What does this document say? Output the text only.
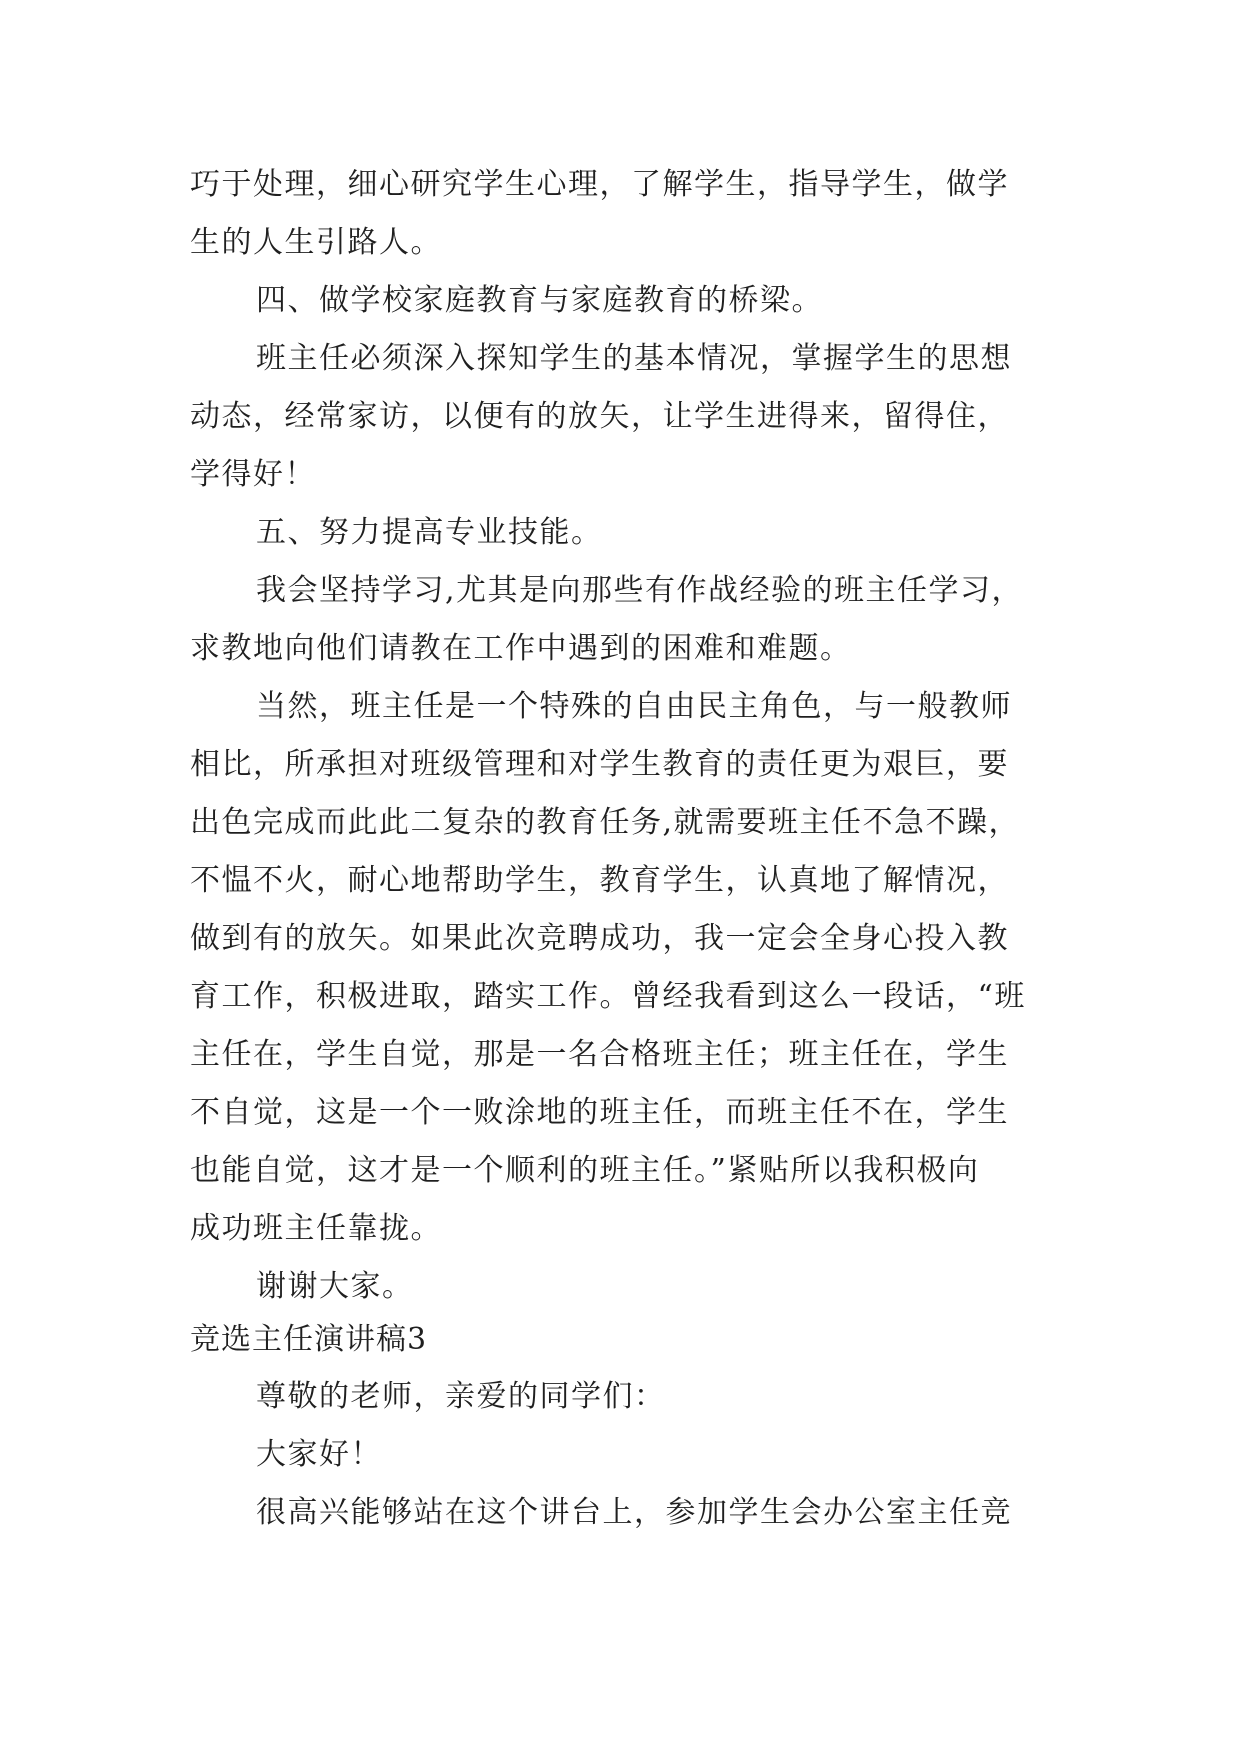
巧于处理，细心研究学生心理，了解学生，指导学生，做学
生的人生引路人。
四、做学校家庭教育与家庭教育的桥梁。
班主任必须深入探知学生的基本情况，掌握学生的思想
动态，经常家访，以便有的放矢，让学生进得来，留得住，
学得好！
五、努力提高专业技能。
我会坚持学习,尤其是向那些有作战经验的班主任学习，
求教地向他们请教在工作中遇到的困难和难题。
当然，班主任是一个特殊的自由民主角色，与一般教师
相比，所承担对班级管理和对学生教育的责任更为艰巨，要
出色完成而此此二复杂的教育任务,就需要班主任不急不躁，
不愠不火，耐心地帮助学生，教育学生，认真地了解情况，
做到有的放矢。如果此次竞聘成功，我一定会全身心投入教
育工作，积极进取，踏实工作。曾经我看到这么一段话，“班
主任在，学生自觉，那是一名合格班主任；班主任在，学生
不自觉，这是一个一败涂地的班主任，而班主任不在，学生
也能自觉，这才是一个顺利的班主任。”紧贴所以我积极向
成功班主任靠拢。
谢谢大家。
竞选主任演讲稿3
尊敬的老师，亲爱的同学们：
大家好！
很高兴能够站在这个讲台上，参加学生会办公室主任竞
